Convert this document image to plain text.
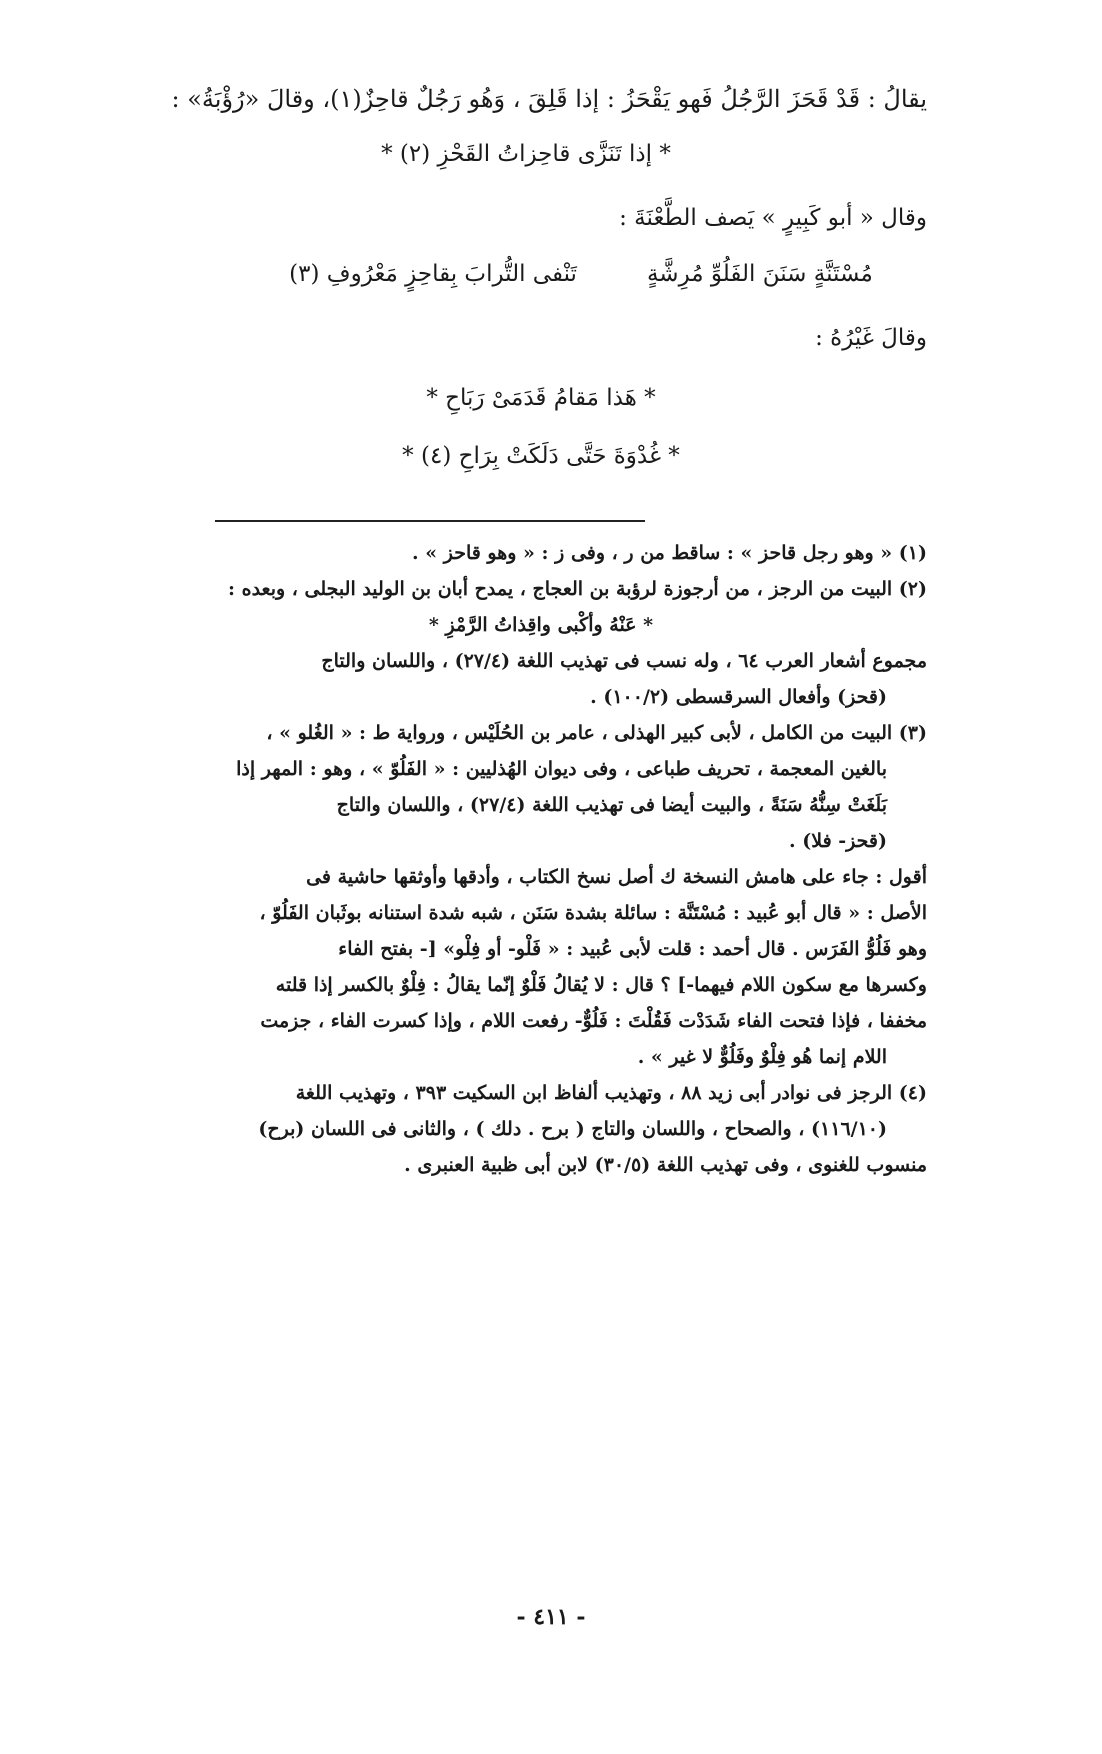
يقالُ : قَدْ قَحَزَ الرَّجُلُ فَهو يَقْحَزُ : إذا قَلِقَ ، وَهُو رَجُلٌ قاحِزٌ(١)، وقالَ «رُؤْبَةُ» :
* إذا تَنَزَّى قاحِزاتُ القَحْزِ (٢) *
وقال « أبو كَبِيرٍ » يَصف الطَّعْنَةَ :
مُسْتَنَّةٍ سَنَنَ الفَلُوِّ مُرِشَّةٍ
تَنْفى التُّرابَ بِقاحِزٍ مَعْرُوفِ (٣)
وقالَ غَيْرُهُ :
* هَذا مَقامُ قَدَمَىْ رَبَاحِ *
* غُدْوَةَ حَتَّى دَلَكَتْ بِرَاحِ (٤) *
(١) « وهو رجل قاحز » : ساقط من ر ، وفى ز : « وهو قاحز » .
(٢) البيت من الرجز ، من أرجوزة لرؤبة بن العجاج ، يمدح أبان بن الوليد البجلى ، وبعده :
* عَنْهُ وأكْبى واقِذاتُ الرَّمْزِ *
مجموع أشعار العرب ٦٤ ، وله نسب فى تهذيب اللغة (٢٧/٤) ، واللسان والتاج
(قحز) وأفعال السرقسطى (١٠٠/٢) .
(٣) البيت من الكامل ، لأبى كبير الهذلى ، عامر بن الحُلَيْس ، ورواية ط : « الغُلو » ،
بالغين المعجمة ، تحريف طباعى ، وفى ديوان الهُذليين : « الفَلُوّ » ، وهو : المهر إذا
بَلَغَتْ سِنُّهُ سَنَةً ، والبيت أيضا فى تهذيب اللغة (٢٧/٤) ، واللسان والتاج
(قحز- فلا) .
أقول : جاء على هامش النسخة ك أصل نسخ الكتاب ، وأدقها وأوثقها حاشية فى
الأصل : « قال أبو عُبيد : مُسْتَنَّة : سائلة بشدة سَنَن ، شبه شدة استنانه بوثَبان الفَلُوّ ،
وهو فَلُوُّ الفَرَس . قال أحمد : قلت لأبى عُبيد : « فَلْو- أو فِلْو» [- بفتح الفاء
وكسرها مع سكون اللام فيهما-] ؟ قال : لا يُقالُ فَلْوٌ إنّما يقالُ : فِلْوٌ بالكسر إذا قلته
مخففا ، فإذا فتحت الفاء شَدَدْت فَقُلْتَ : فَلُوٌّ- رفعت اللام ، وإذا كسرت الفاء ، جزمت
اللام إنما هُو فِلْوٌ وفَلُوٌّ لا غير » .
(٤) الرجز فى نوادر أبى زيد ٨٨ ، وتهذيب ألفاظ ابن السكيت ٣٩٣ ، وتهذيب اللغة
(١١٦/١٠) ، والصحاح ، واللسان والتاج ( برح . دلك ) ، والثانى فى اللسان (برح)
منسوب للغنوى ، وفى تهذيب اللغة (٣٠/٥) لابن أبى ظبية العنبرى .
- ٤١١ -
